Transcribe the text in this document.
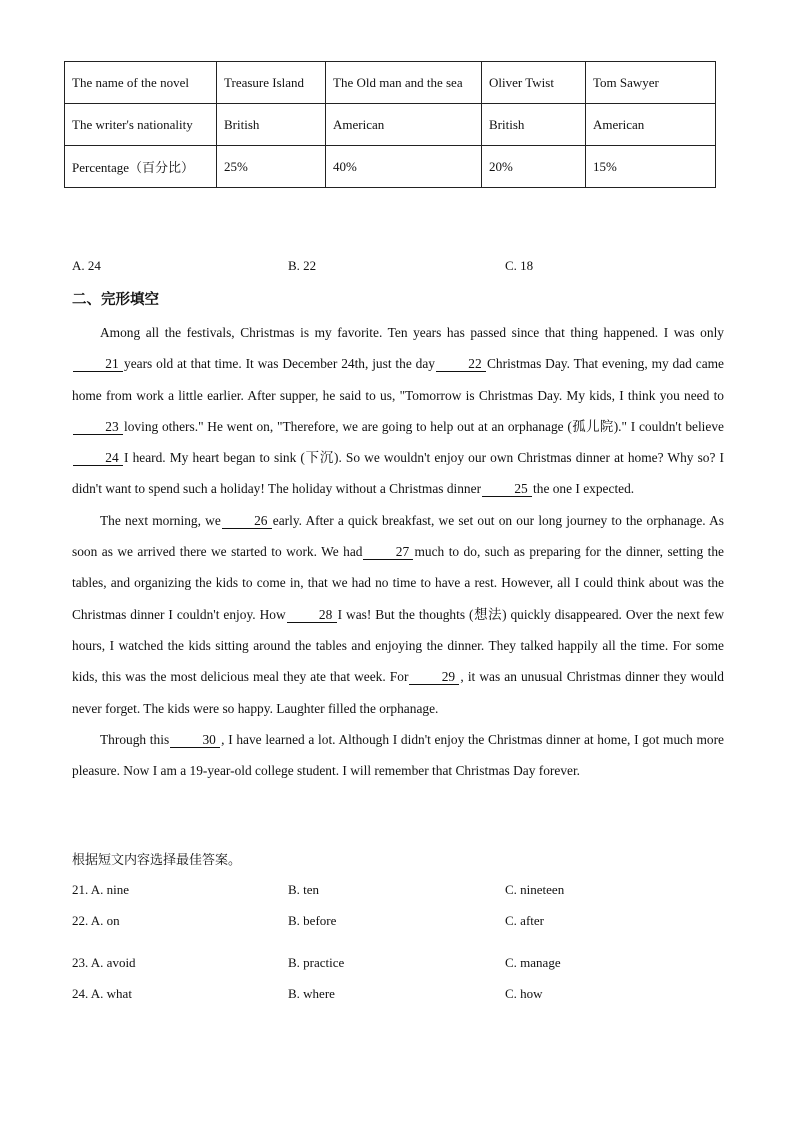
The name of the novel	Treasure Island	The Old man and the sea	Oliver Twist	Tom Sawyer
The writer's nationality	British	American	British	American
Percentage（百分比）	25%	40%	20%	15%
A. 24	B. 22	C. 18
二、完形填空

Among all the festivals, Christmas is my favorite. Ten years has passed since that thing happened. I was only21 years old at that time. It was December 24th, just the day 22 Christmas Day. That evening, my dad came home from work a little earlier. After supper, he said to us, "Tomorrow is Christmas Day. My kids, I think you need to23 loving others." He went on, "Therefore, we are going to help out at an orphanage (孤儿院)." I couldn't believe24 I heard. My heart began to sink (下沉). So we wouldn't enjoy our own Christmas dinner at home? Why so? I didn't want to spend such a holiday! The holiday without a Christmas dinner 25 the one I expected.

The next morning, we 26 early. After a quick breakfast, we set out on our long journey to the orphanage. As soon as we arrived there we started to work. We had 27 much to do, such as preparing for the dinner, setting the tables, and organizing the kids to come in, that we had no time to have a rest. However, all I could think about was the Christmas dinner I couldn't enjoy. How 28 I was! But the thoughts (想法) quickly disappeared. Over the next few hours, I watched the kids sitting around the tables and enjoying the dinner. They talked happily all the time. For some kids, this was the most delicious meal they ate that week. For 29 , it was an unusual Christmas dinner they would never forget. The kids were so happy. Laughter filled the orphanage.

Through this 30 , I have learned a lot. Although I didn't enjoy the Christmas dinner at home, I got much more pleasure. Now I am a 19-year-old college student. I will remember that Christmas Day forever.

根据短文内容选择最佳答案。
21. A. nine	B. ten	C. nineteen
22. A. on	B. before	C. after
23. A. avoid	B. practice	C. manage
24. A. what	B. where	C. how
